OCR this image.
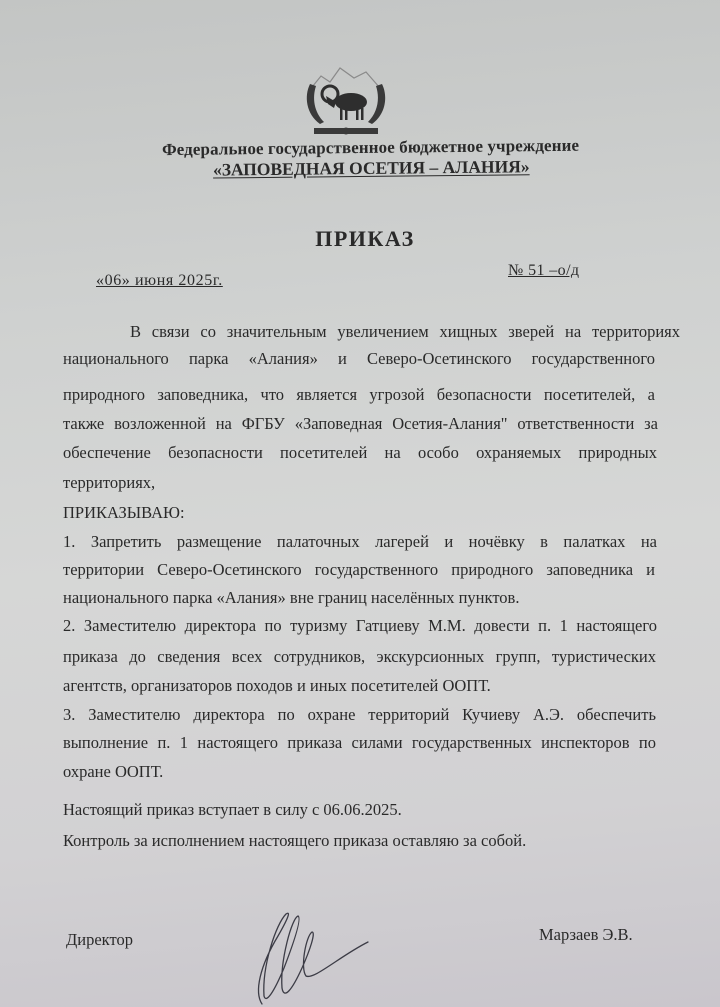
Федеральное государственное бюджетное учреждение
«ЗАПОВЕДНАЯ ОСЕТИЯ – АЛАНИЯ»
ПРИКАЗ
«06» июня 2025г.
№ 51 –о/д
В связи со значительным увеличением хищных зверей на территориях
национального парка «Алания» и Северо-Осетинского государственного
природного заповедника, что является угрозой безопасности посетителей, а
также возложенной на ФГБУ «Заповедная Осетия-Алания" ответственности за
обеспечение безопасности посетителей на особо охраняемых природных
территориях,
ПРИКАЗЫВАЮ:
1. Запретить размещение палаточных лагерей и ночёвку в палатках на
территории Северо-Осетинского государственного природного заповедника и
национального парка «Алания» вне границ населённых пунктов.
2. Заместителю директора по туризму Гатциеву М.М. довести п. 1 настоящего
приказа до сведения всех сотрудников, экскурсионных групп, туристических
агентств, организаторов походов и иных посетителей ООПТ.
3. Заместителю директора по охране территорий Кучиеву А.Э. обеспечить
выполнение п. 1 настоящего приказа силами государственных инспекторов по
охране ООПТ.
Настоящий приказ вступает в силу с 06.06.2025.
Контроль за исполнением настоящего приказа оставляю за собой.
Директор	Марзаев Э.В.
